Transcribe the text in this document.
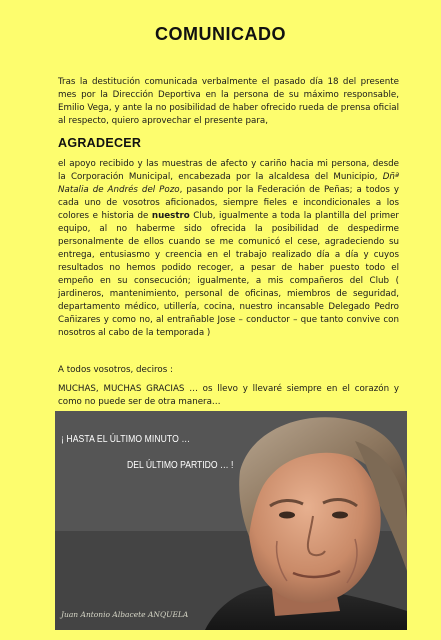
COMUNICADO

Tras la destitución comunicada verbalmente el pasado día 18 del presente mes por la Dirección Deportiva en la persona de su máximo responsable, Emilio Vega, y ante la no posibilidad de haber ofrecido rueda de prensa oficial al respecto, quiero aprovechar el presente para,

AGRADECER

el apoyo recibido y las muestras de afecto y cariño hacia mi persona, desde la Corporación Municipal, encabezada por la alcaldesa del Municipio, Dñª Natalia de Andrés del Pozo, pasando por la Federación de Peñas; a todos y cada uno de vosotros aficionados, siempre fieles e incondicionales a los colores e historia de nuestro Club, igualmente a toda la plantilla del primer equipo, al no haberme sido ofrecida la posibilidad de despedirme personalmente de ellos cuando se me comunicó el cese, agradeciendo su entrega, entusiasmo y creencia en el trabajo realizado día a día y cuyos resultados no hemos podido recoger, a pesar de haber puesto todo el empeño en su consecución; igualmente, a mis compañeros del Club ( jardineros, mantenimiento, personal de oficinas, miembros de seguridad, departamento médico, utillería, cocina, nuestro incansable Delegado Pedro Cañizares y como no, al entrañable Jose – conductor – que tanto convive con nosotros al cabo de la temporada )

A todos vosotros, deciros :

MUCHAS, MUCHAS GRACIAS … os llevo y llevaré siempre en el corazón y como no puede ser de otra manera…

¡ HASTA EL ÚLTIMO MINUTO …
DEL ÚLTIMO PARTIDO … !
Juan Antonio Albacete ANQUELA
